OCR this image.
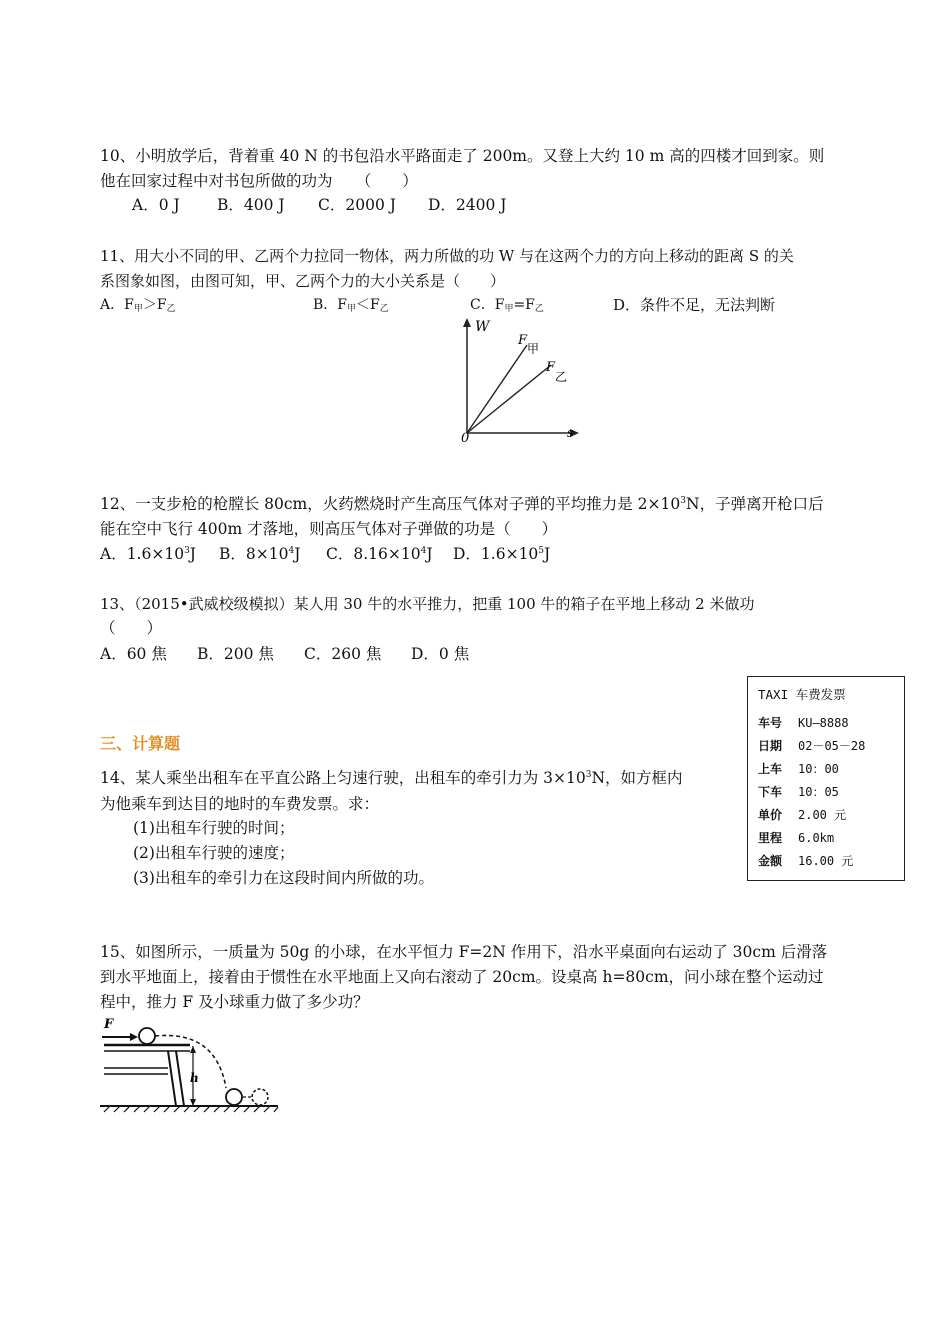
10、小明放学后，背着重 40 N 的书包沿水平路面走了 200m。又登上大约 10 m 高的四楼才回到家。则
他在回家过程中对书包所做的功为　　（　　）
A．0 J B．400 J C．2000 J D．2400 J
11、用大小不同的甲、乙两个力拉同一物体，两力所做的功 W 与在这两个力的方向上移动的距离 S 的关
系图象如图，由图可知，甲、乙两个力的大小关系是（　　）
A．$F_甲>F_乙$	B．$F_甲<F_乙$	C．$F_甲=F_乙$	D．条件不足，无法判断
W
s
0
F
甲
F
乙
12、一支步枪的枪膛长 80cm，火药燃烧时产生高压气体对子弹的平均推力是 $2\times 10^3N$，子弹离开枪口后
能在空中飞行 400m 才落地，则高压气体对子弹做的功是（　　）
A．$1.6\times 10^3J$ B．$8\times 10^4J$ C．$8.16\times 10^4J$ D．$1.6\times 10^5J$
13、（2015•武威校级模拟）某人用 30 牛的水平推力，把重 100 牛的箱子在平地上移动 2 米做功
（　　）
A．60 焦 B．200 焦 C．260 焦 D．0 焦
三、计算题
14、某人乘坐出租车在平直公路上匀速行驶，出租车的牵引力为 $3\times 10^3N$，如方框内
为他乘车到达目的地时的车费发票。求：
(1)出租车行驶的时间；
(2)出租车行驶的速度；
(3)出租车的牵引力在这段时间内所做的功。
TAXI 车费发票
车号 KU—8888
日期 02－05－28
上车 10：00
下车 10：05
单价 2.00 元
里程 6.0km
金额 16.00 元
15、如图所示，一质量为 50g 的小球，在水平恒力 F=2N 作用下，沿水平桌面向右运动了 30cm 后滑落
到水平地面上，接着由于惯性在水平地面上又向右滚动了 20cm。设桌高 h=80cm，问小球在整个运动过
程中，推力 F 及小球重力做了多少功？
F
h
